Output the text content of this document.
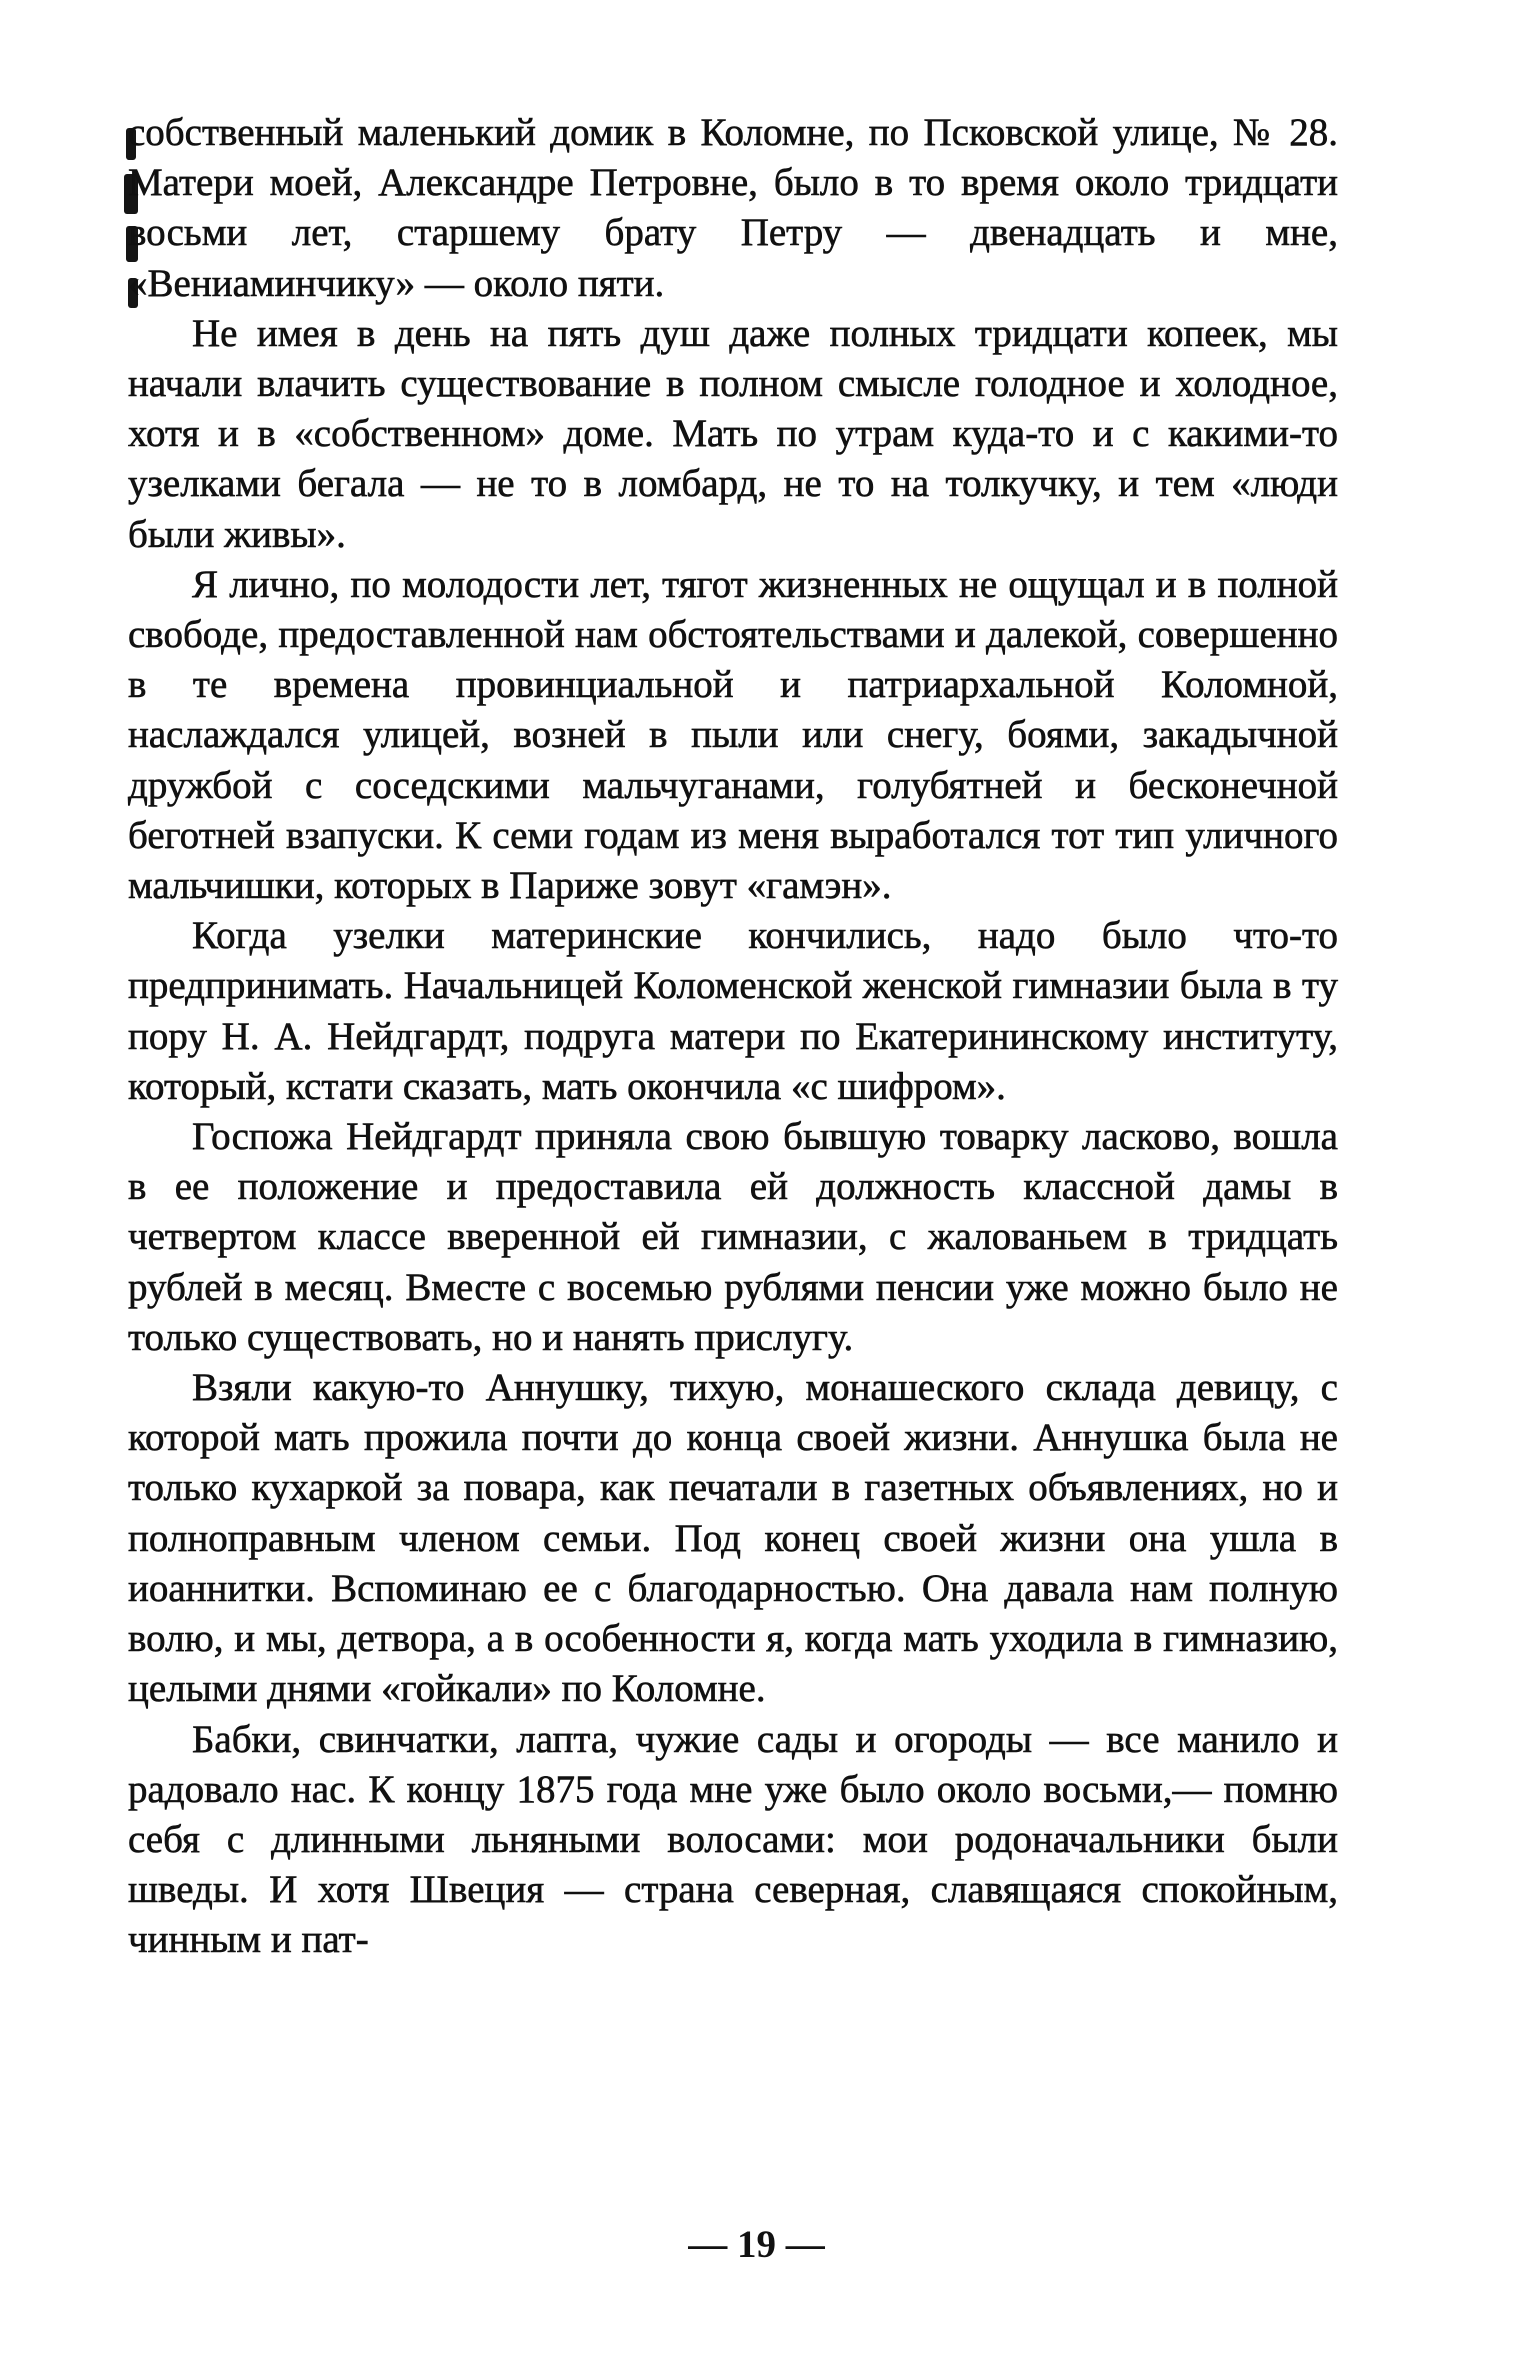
собственный маленький домик в Коломне, по Псковской улице, № 28. Матери моей, Александре Петровне, было в то время около тридцати восьми лет, старшему брату Петру — двенадцать и мне, «Вениаминчику» — около пяти.

Не имея в день на пять душ даже полных тридцати копеек, мы начали влачить существование в полном смысле голодное и холодное, хотя и в «собственном» доме. Мать по утрам куда-то и с какими-то узелками бегала — не то в ломбард, не то на толкучку, и тем «люди были живы».

Я лично, по молодости лет, тягот жизненных не ощущал и в полной свободе, предоставленной нам обстоятельствами и далекой, совершенно в те времена провинциальной и патриархальной Коломной, наслаждался улицей, возней в пыли или снегу, боями, закадычной дружбой с соседскими мальчуганами, голубятней и бесконечной беготней взапуски. К семи годам из меня выработался тот тип уличного мальчишки, которых в Париже зовут «гамэн».

Когда узелки материнские кончились, надо было что-то предпринимать. Начальницей Коломенской женской гимназии была в ту пору Н. А. Нейдгардт, подруга матери по Екатерининскому институту, который, кстати сказать, мать окончила «с шифром».

Госпожа Нейдгардт приняла свою бывшую товарку ласково, вошла в ее положение и предоставила ей должность классной дамы в четвертом классе вверенной ей гимназии, с жалованьем в тридцать рублей в месяц. Вместе с восемью рублями пенсии уже можно было не только существовать, но и нанять прислугу.

Взяли какую-то Аннушку, тихую, монашеского склада девицу, с которой мать прожила почти до конца своей жизни. Аннушка была не только кухаркой за повара, как печатали в газетных объявлениях, но и полноправным членом семьи. Под конец своей жизни она ушла в иоаннитки. Вспоминаю ее с благодарностью. Она давала нам полную волю, и мы, детвора, а в особенности я, когда мать уходила в гимназию, целыми днями «гойкали» по Коломне.

Бабки, свинчатки, лапта, чужие сады и огороды — все манило и радовало нас. К концу 1875 года мне уже было около восьми,— помню себя с длинными льняными волосами: мои родоначальники были шведы. И хотя Швеция — страна северная, славящаяся спокойным, чинным и пат-

— 19 —
